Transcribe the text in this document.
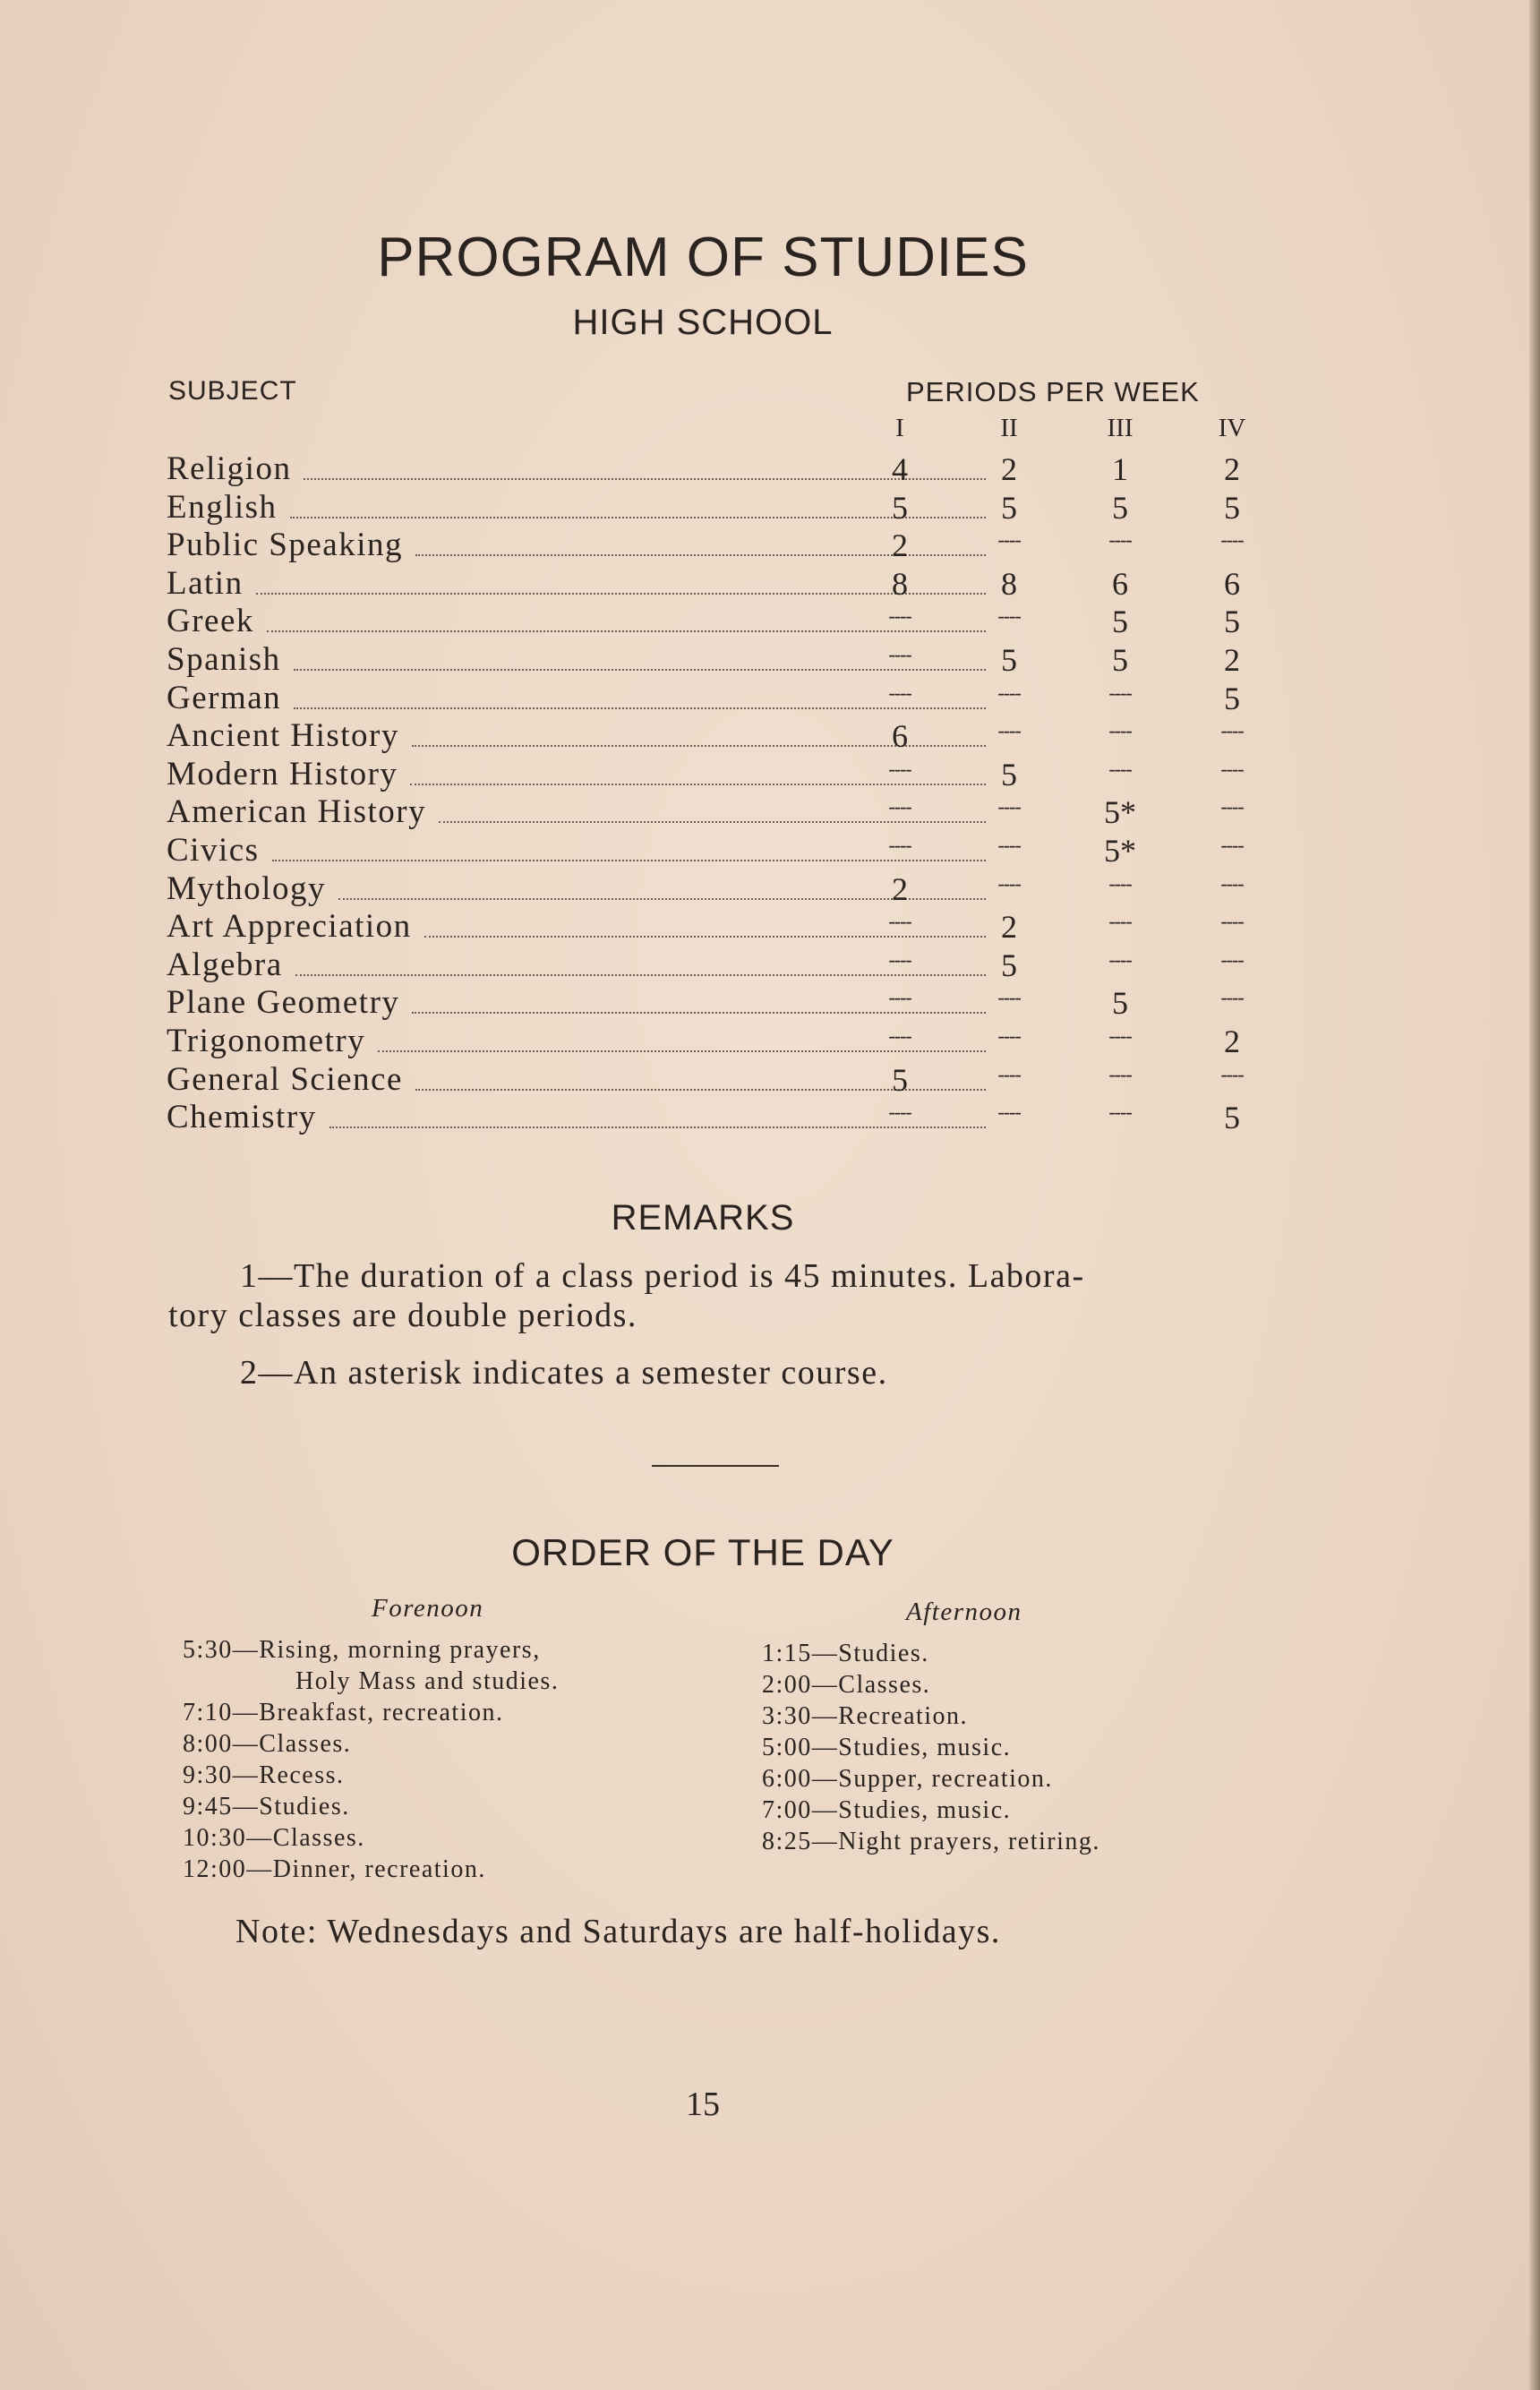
PROGRAM OF STUDIES
HIGH SCHOOL
SUBJECT	PERIODS PER WEEK
I	II	III	IV
Religion	4	2	1	2
English	5	5	5	5
Public Speaking	2	----	----	----
Latin	8	8	6	6
Greek	----	----	5	5
Spanish	----	5	5	2
German	----	----	----	5
Ancient History	6	----	----	----
Modern History	----	5	----	----
American History	----	----	5*	----
Civics	----	----	5*	----
Mythology	2	----	----	----
Art Appreciation	----	2	----	----
Algebra	----	5	----	----
Plane Geometry	----	----	5	----
Trigonometry	----	----	----	2
General Science	5	----	----	----
Chemistry	----	----	----	5
REMARKS
1—The duration of a class period is 45 minutes. Labora-
tory classes are double periods.
2—An asterisk indicates a semester course.
ORDER OF THE DAY
Forenoon	Afternoon
5:30—Rising, morning prayers,
Holy Mass and studies.
7:10—Breakfast, recreation.
8:00—Classes.
9:30—Recess.
9:45—Studies.
10:30—Classes.
12:00—Dinner, recreation.
1:15—Studies.
2:00—Classes.
3:30—Recreation.
5:00—Studies, music.
6:00—Supper, recreation.
7:00—Studies, music.
8:25—Night prayers, retiring.
Note: Wednesdays and Saturdays are half-holidays.
15
